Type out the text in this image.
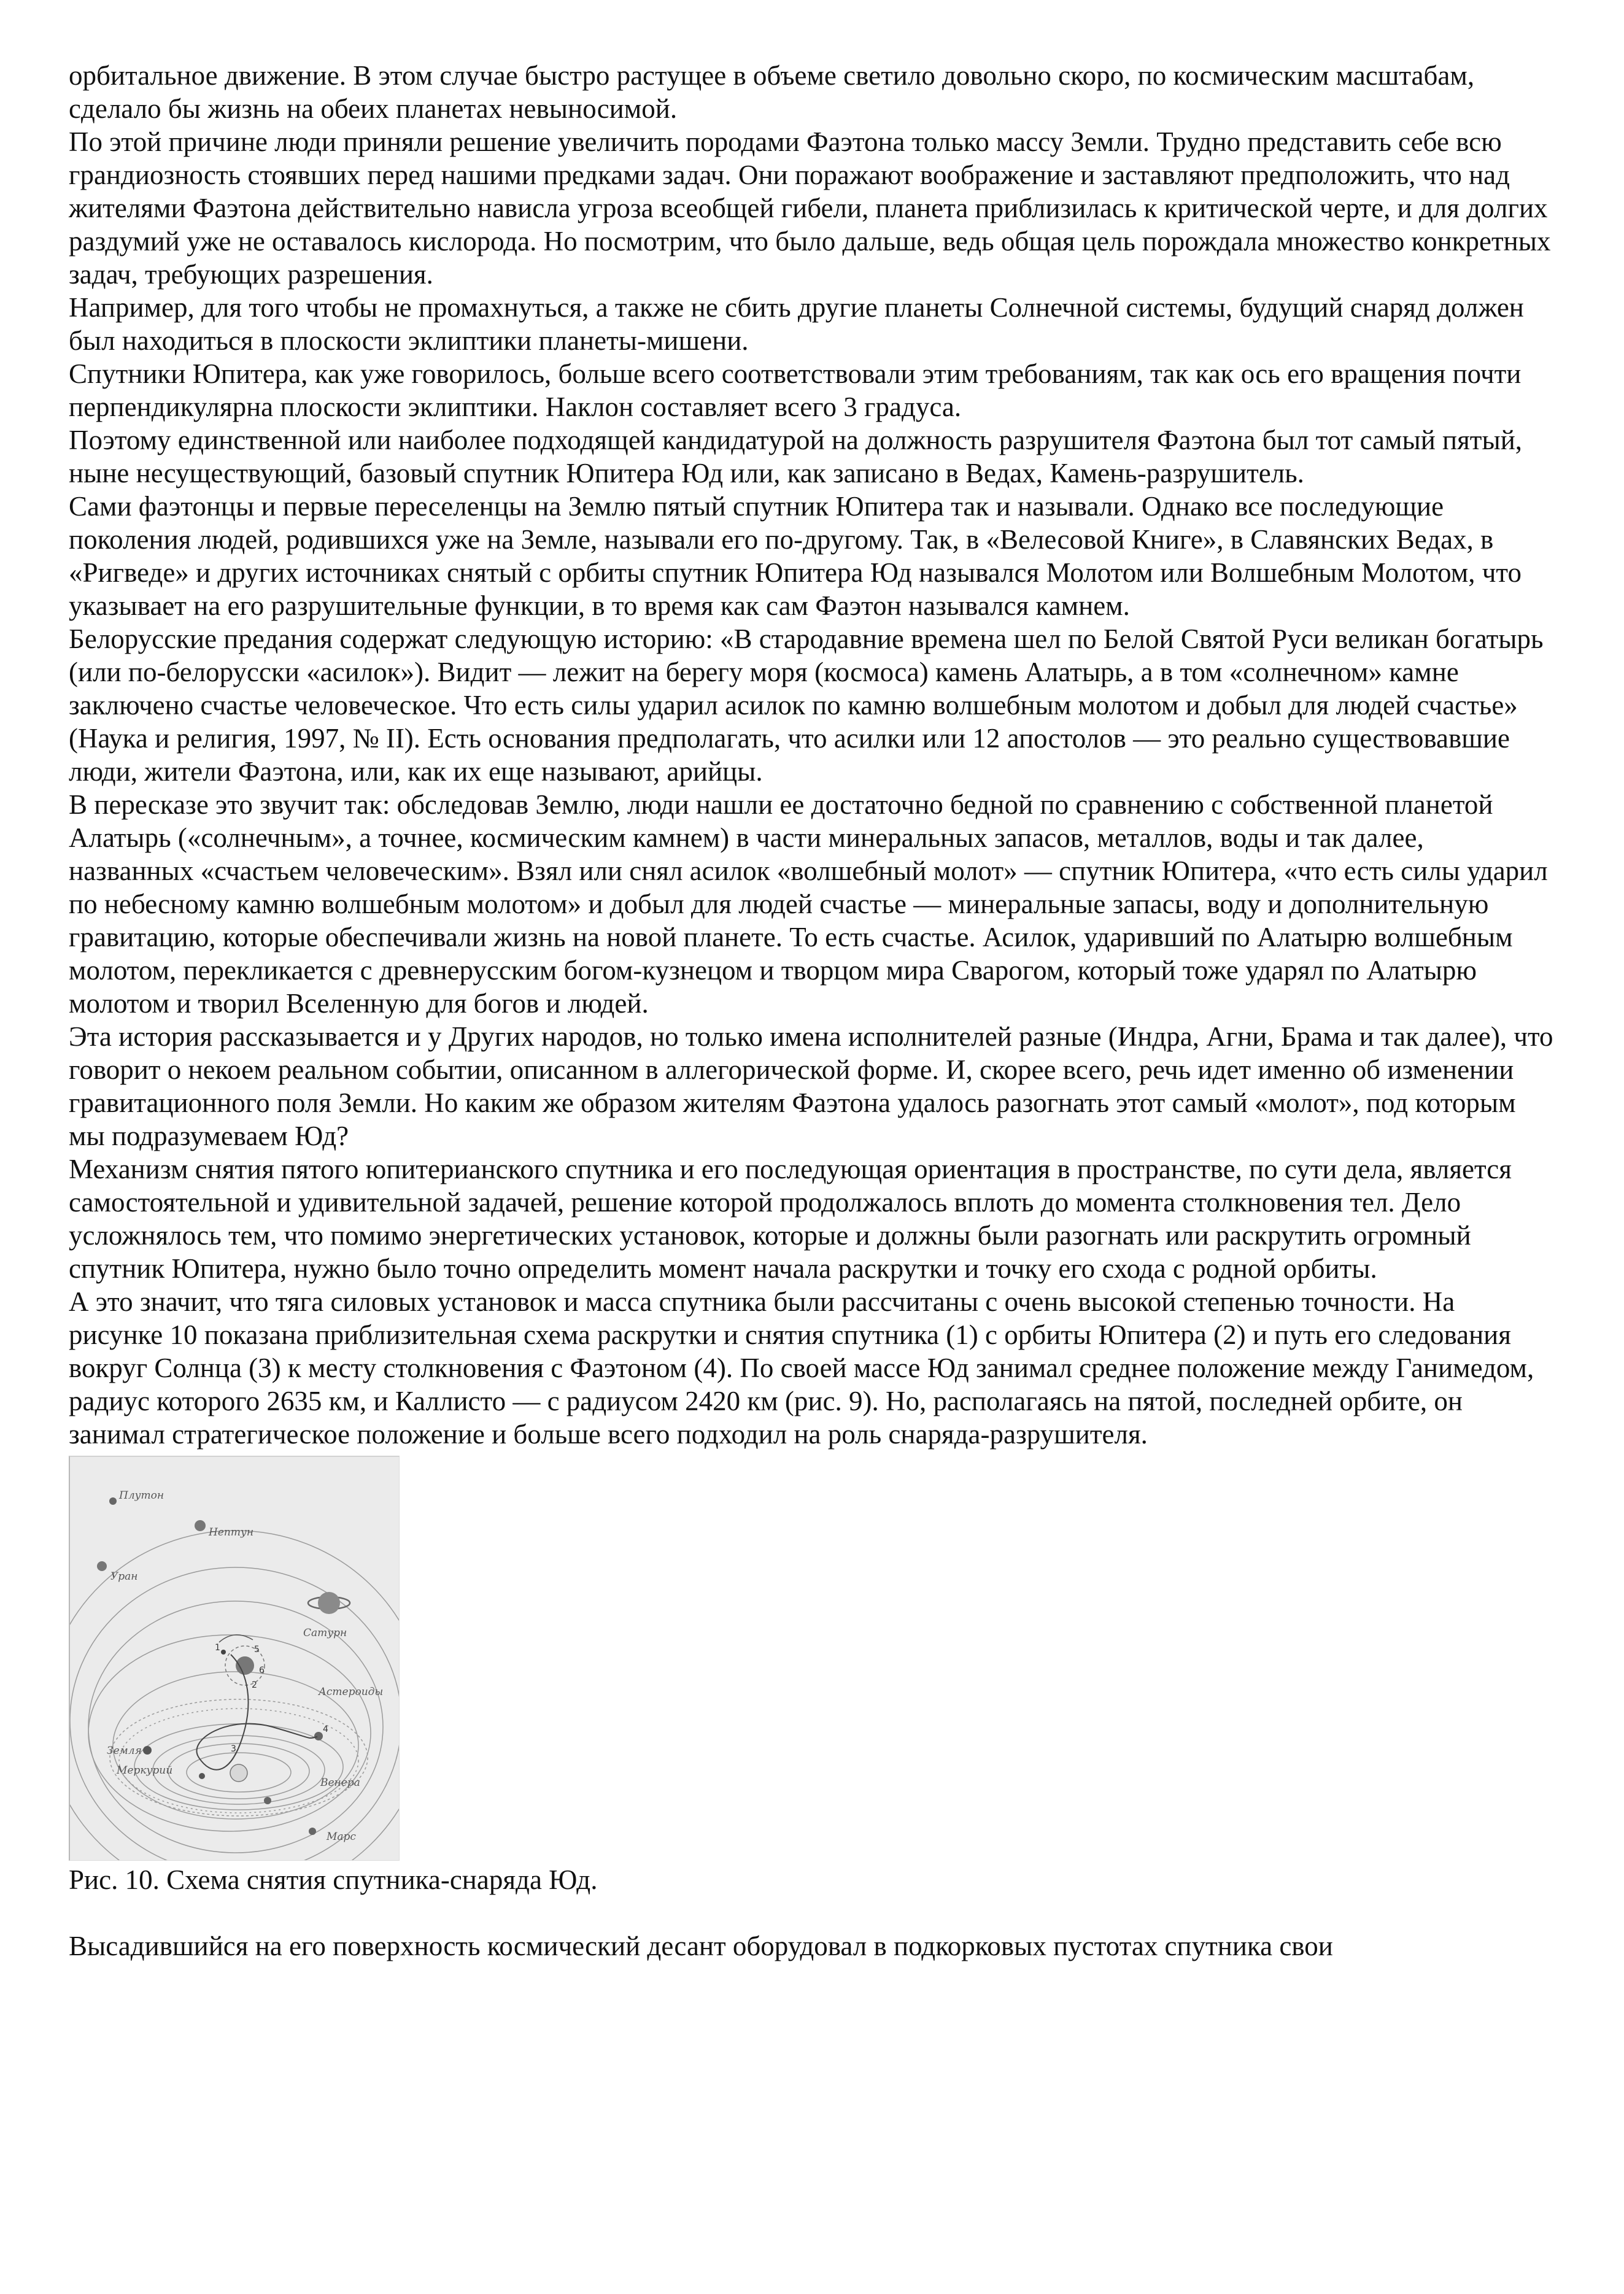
орбитальное движение. В этом случае быстро растущее в объеме светило довольно скоро, по космическим масштабам, сделало бы жизнь на обеих планетах невыносимой.

По этой причине люди приняли решение увеличить породами Фаэтона только массу Земли. Трудно представить себе всю грандиозность стоявших перед нашими предками задач. Они поражают воображение и заставляют предположить, что над жителями Фаэтона действительно нависла угроза всеобщей гибели, планета приблизилась к критической черте, и для долгих раздумий уже не оставалось кислорода. Но посмотрим, что было дальше, ведь общая цель порождала множество конкретных задач, требующих разрешения.

Например, для того чтобы не промахнуться, а также не сбить другие планеты Солнечной системы, будущий снаряд должен был находиться в плоскости эклиптики планеты-мишени.

Спутники Юпитера, как уже говорилось, больше всего соответствовали этим требованиям, так как ось его вращения почти перпендикулярна плоскости эклиптики. Наклон составляет всего 3 градуса.

Поэтому единственной или наиболее подходящей кандидатурой на должность разрушителя Фаэтона был тот самый пятый, ныне несуществующий, базовый спутник Юпитера Юд или, как записано в Ведах, Камень-разрушитель.

Сами фаэтонцы и первые переселенцы на Землю пятый спутник Юпитера так и называли. Однако все последующие поколения людей, родившихся уже на Земле, называли его по-другому. Так, в «Велесовой Книге», в Славянских Ведах, в «Ригведе» и других источниках снятый с орбиты спутник Юпитера Юд назывался Молотом или Волшебным Молотом, что указывает на его разрушительные функции, в то время как сам Фаэтон назывался камнем.

Белорусские предания содержат следующую историю: «В стародавние времена шел по Белой Святой Руси великан богатырь (или по-белорусски «асилок»). Видит — лежит на берегу моря (космоса) камень Алатырь, а в том «солнечном» камне заключено счастье человеческое. Что есть силы ударил асилок по камню волшебным молотом и добыл для людей счастье» (Наука и религия, 1997, № II). Есть основания предполагать, что асилки или 12 апостолов — это реально существовавшие люди, жители Фаэтона, или, как их еще называют, арийцы.

В пересказе это звучит так: обследовав Землю, люди нашли ее достаточно бедной по сравнению с собственной планетой Алатырь («солнечным», а точнее, космическим камнем) в части минеральных запасов, металлов, воды и так далее, названных «счастьем человеческим». Взял или снял асилок «волшебный молот» — спутник Юпитера, «что есть силы ударил по небесному камню волшебным молотом» и добыл для людей счастье — минеральные запасы, воду и дополнительную гравитацию, которые обеспечивали жизнь на новой планете. То есть счастье. Асилок, ударивший по Алатырю волшебным молотом, перекликается с древнерусским богом-кузнецом и творцом мира Сварогом, который тоже ударял по Алатырю молотом и творил Вселенную для богов и людей.

Эта история рассказывается и у Других народов, но только имена исполнителей разные (Индра, Агни, Брама и так далее), что говорит о некоем реальном событии, описанном в аллегорической форме. И, скорее всего, речь идет именно об изменении гравитационного поля Земли. Но каким же образом жителям Фаэтона удалось разогнать этот самый «молот», под которым мы подразумеваем Юд?

Механизм снятия пятого юпитерианского спутника и его последующая ориентация в пространстве, по сути дела, является самостоятельной и удивительной задачей, решение которой продолжалось вплоть до момента столкновения тел. Дело усложнялось тем, что помимо энергетических установок, которые и должны были разогнать или раскрутить огромный спутник Юпитера, нужно было точно определить момент начала раскрутки и точку его схода с родной орбиты.

А это значит, что тяга силовых установок и масса спутника были рассчитаны с очень высокой степенью точности. На рисунке 10 показана приблизительная схема раскрутки и снятия спутника (1) с орбиты Юпитера (2) и путь его следования вокруг Солнца (3) к месту столкновения с Фаэтоном (4). По своей массе Юд занимал среднее положение между Ганимедом, радиус которого 2635 км, и Каллисто — с радиусом 2420 км (рис. 9). Но, располагаясь на пятой, последней орбите, он занимал стратегическое положение и больше всего подходил на роль снаряда-разрушителя.

Плутон
Нептун
Уран
Сатурн
Астероиды
Земля
Меркурий
Венера
Марс
1
2
3
4
5
6

Рис. 10. Схема снятия спутника-снаряда Юд.

Высадившийся на его поверхность космический десант оборудовал в подкорковых пустотах спутника свои
